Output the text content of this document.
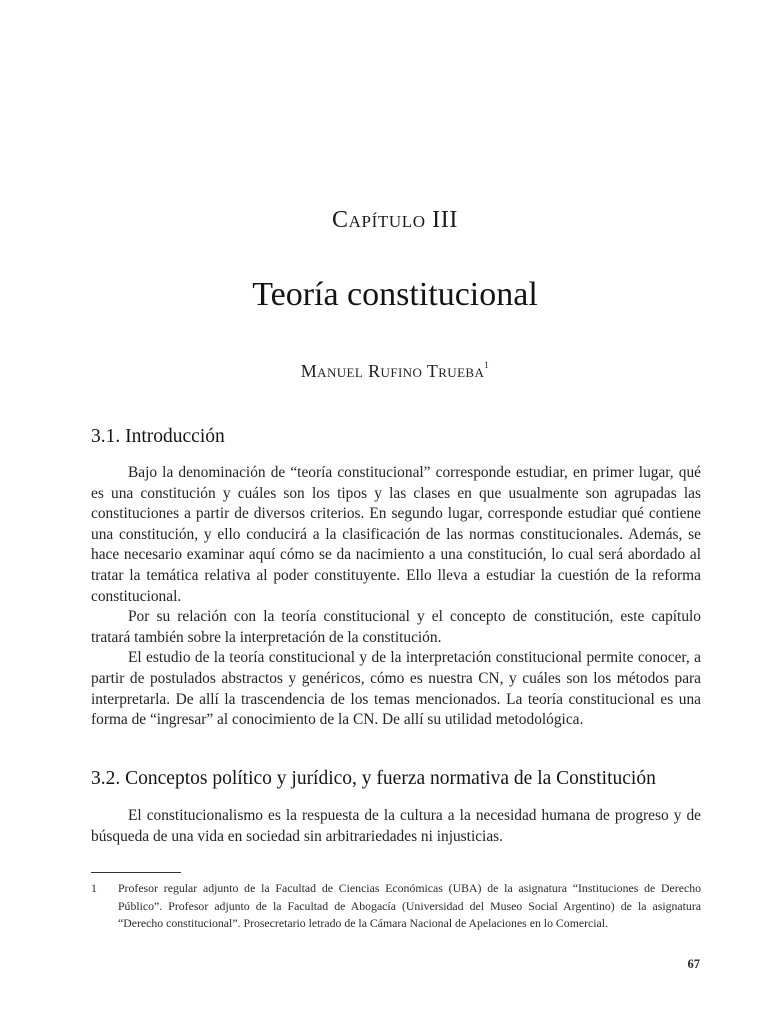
Capítulo III
Teoría constitucional
Manuel Rufino Trueba$^1$
3.1. Introducción

Bajo la denominación de “teoría constitucional” corresponde estudiar, en primer lugar, qué es una constitución y cuáles son los tipos y las clases en que usualmente son agrupadas las constituciones a partir de diversos criterios. En segundo lugar, corresponde estudiar qué contiene una constitución, y ello conducirá a la clasificación de las normas constitucionales. Además, se hace necesario examinar aquí cómo se da nacimiento a una constitución, lo cual será abordado al tratar la temática relativa al poder constituyente. Ello lleva a estudiar la cuestión de la reforma constitucional.

Por su relación con la teoría constitucional y el concepto de constitución, este capítulo tratará también sobre la interpretación de la constitución.

El estudio de la teoría constitucional y de la interpretación constitucional permite conocer, a partir de postulados abstractos y genéricos, cómo es nuestra CN, y cuáles son los métodos para interpretarla. De allí la trascendencia de los temas mencionados. La teoría constitucional es una forma de “ingresar” al conocimiento de la CN. De allí su utilidad metodológica.

3.2. Conceptos político y jurídico, y fuerza normativa de la Constitución

El constitucionalismo es la respuesta de la cultura a la necesidad humana de progreso y de búsqueda de una vida en sociedad sin arbitrariedades ni injusticias.

1 Profesor regular adjunto de la Facultad de Ciencias Económicas (UBA) de la asignatura “Instituciones de Derecho Público”. Profesor adjunto de la Facultad de Abogacía (Universidad del Museo Social Argentino) de la asignatura “Derecho constitucional”. Prosecretario letrado de la Cámara Nacional de Apelaciones en lo Comercial.
67
